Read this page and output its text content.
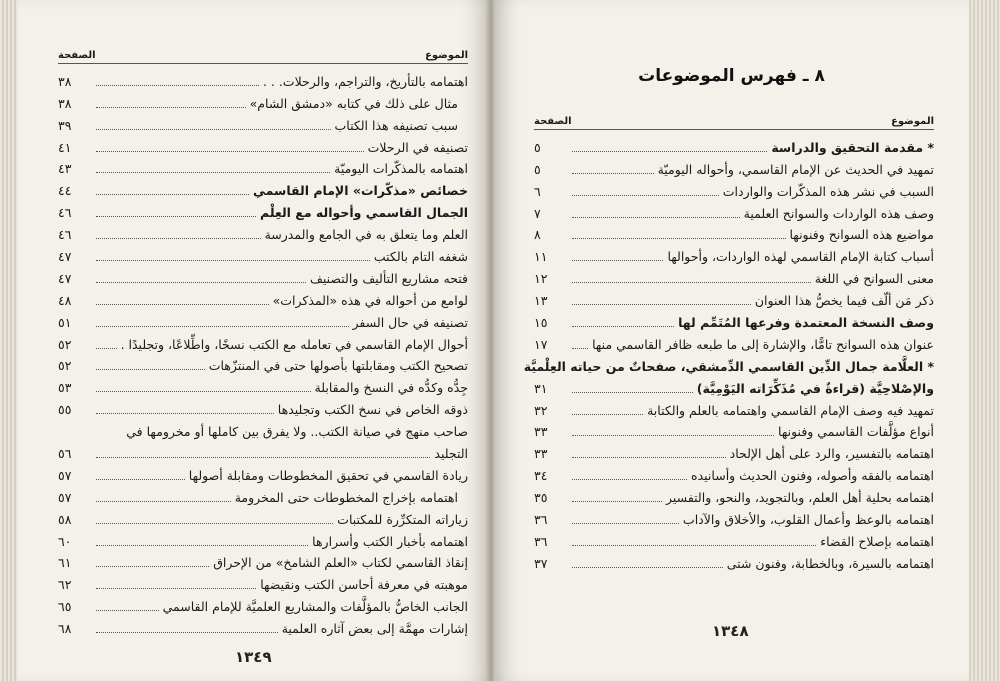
الموضوع
الصفحة
اهتمامه بالتأريخ، والتراجم، والرحلات. . .
٣٨
مثال على ذلك في كتابه «دمشق الشام»
٣٨
سبب تصنيفه هذا الكتاب
٣٩
تصنيفه في الرحلات
٤١
اهتمامه بالمذكّرات اليوميّة
٤٣
خصائص «مذكّرات» الإمام القاسمي
٤٤
الجمال القاسمي وأحواله مع العِلْم
٤٦
العلم وما يتعلق به في الجامع والمدرسة
٤٦
شغفه التام بالكتب
٤٧
فتحه مشاريع التأليف والتصنيف
٤٧
لوامع من أحواله في هذه «المذكرات»
٤٨
تصنيفه في حال السفر
٥١
أحوال الإمام القاسمي في تعامله مع الكتب نسخًا، واطِّلاعًا، وتجليدًا .
٥٢
تصحيح الكتب ومقابلتها بأصولها حتى في المنتزّهات
٥٢
جِدُّه وكدُّه في النسخ والمقابلة
٥٣
ذوقه الخاص في نسخ الكتب وتجليدها
٥٥
صاحب منهج في صيانة الكتب.. ولا يفرق بين كاملها أو مخرومها في
التجليد
٥٦
ريادة القاسمي في تحقيق المخطوطات ومقابلة أصولها
٥٧
اهتمامه بإخراج المخطوطات حتى المخرومة
٥٧
زياراته المتكرِّرة للمكتبات
٥٨
اهتمامه بأخبار الكتب وأسرارها
٦٠
إنقاذ القاسمي لكتاب «العلم الشامخ» من الإحراق
٦١
موهبته في معرفة أحاسن الكتب ونقيضها
٦٢
الجانب الخاصُّ بالمؤلَّفات والمشاريع العلميَّة للإمام القاسمي
٦٥
إشارات مهمَّة إلى بعض آثاره العلمية
٦٨
١٣٤٩
٨ ـ فهرس الموضوعات
الموضوع
الصفحة
* مقدمة التحقيق والدراسة
٥
تمهيد في الحديث عن الإمام القاسمي، وأحواله اليوميّة
٥
السبب في نشر هذه المذكّرات والواردات
٦
وصف هذه الواردات والسوانح العلمية
٧
مواضيع هذه السوانح وفنونها
٨
أسباب كتابة الإمام القاسمي لهذه الواردات، وأحوالها
١١
معنى السوانح في اللغة
١٢
ذكر مَن ألّف فيما يخصُّ هذا العنوان
١٣
وصف النسخة المعتمدة وفرعها المُتَمِّم لها
١٥
عنوان هذه السوانح تامًّا، والإشارة إلى ما طبعه ظافر القاسمي منها
١٧
* العلَّامة جمال الدِّين القاسمي الدِّمشقي، صفحاتٌ من حياته العِلْميَّة
والإصْلاحِيَّة (قراءةٌ في مُذَكِّرَاته اليَوْمِيَّة)
٣١
تمهيد فيه وصف الإمام القاسمي واهتمامه بالعلم والكتابة
٣٢
أنواع مؤلَّفات القاسمي وفنونها
٣٣
اهتمامه بالتفسير، والرد على أهل الإلحاد
٣٣
اهتمامه بالفقه وأصوله، وفنون الحديث وأسانيده
٣٤
اهتمامه بحلية أهل العلم، وبالتجويد، والنحو، والتفسير
٣٥
اهتمامه بالوعظ وأعمال القلوب، والأخلاق والآداب
٣٦
اهتمامه بإصلاح القضاء
٣٦
اهتمامه بالسيرة، وبالخطابة، وفنون شتى
٣٧
١٣٤٨
